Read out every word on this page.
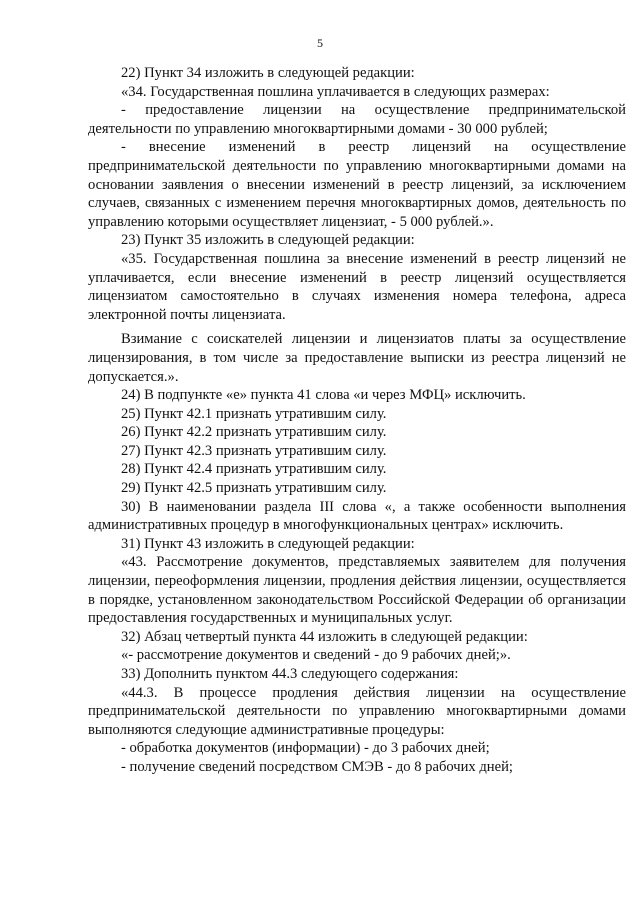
5

22) Пункт 34 изложить в следующей редакции:

«34. Государственная пошлина уплачивается в следующих размерах:

- предоставление лицензии на осуществление предпринимательской деятельности по управлению многоквартирными домами - 30 000 рублей;

- внесение изменений в реестр лицензий на осуществление предпринимательской деятельности по управлению многоквартирными домами на основании заявления о внесении изменений в реестр лицензий, за исключением случаев, связанных с изменением перечня многоквартирных домов, деятельность по управлению которыми осуществляет лицензиат, - 5 000 рублей.».

23) Пункт 35 изложить в следующей редакции:

«35. Государственная пошлина за внесение изменений в реестр лицензий не уплачивается, если внесение изменений в реестр лицензий осуществляется лицензиатом самостоятельно в случаях изменения номера телефона, адреса электронной почты лицензиата.

Взимание с соискателей лицензии и лицензиатов платы за осуществление лицензирования, в том числе за предоставление выписки из реестра лицензий не допускается.».

24) В подпункте «е» пункта 41 слова «и через МФЦ» исключить.

25) Пункт 42.1 признать утратившим силу.

26) Пункт 42.2 признать утратившим силу.

27) Пункт 42.3 признать утратившим силу.

28) Пункт 42.4 признать утратившим силу.

29) Пункт 42.5 признать утратившим силу.

30) В наименовании раздела III слова «, а также особенности выполнения административных процедур в многофункциональных центрах» исключить.

31) Пункт 43 изложить в следующей редакции:

«43. Рассмотрение документов, представляемых заявителем для получения лицензии, переоформления лицензии, продления действия лицензии, осуществляется в порядке, установленном законодательством Российской Федерации об организации предоставления государственных и муниципальных услуг.

32) Абзац четвертый пункта 44 изложить в следующей редакции:

«- рассмотрение документов и сведений - до 9 рабочих дней;».

33) Дополнить пунктом 44.3 следующего содержания:

«44.3. В процессе продления действия лицензии на осуществление предпринимательской деятельности по управлению многоквартирными домами выполняются следующие административные процедуры:

- обработка документов (информации) - до 3 рабочих дней;

- получение сведений посредством СМЭВ - до 8 рабочих дней;
